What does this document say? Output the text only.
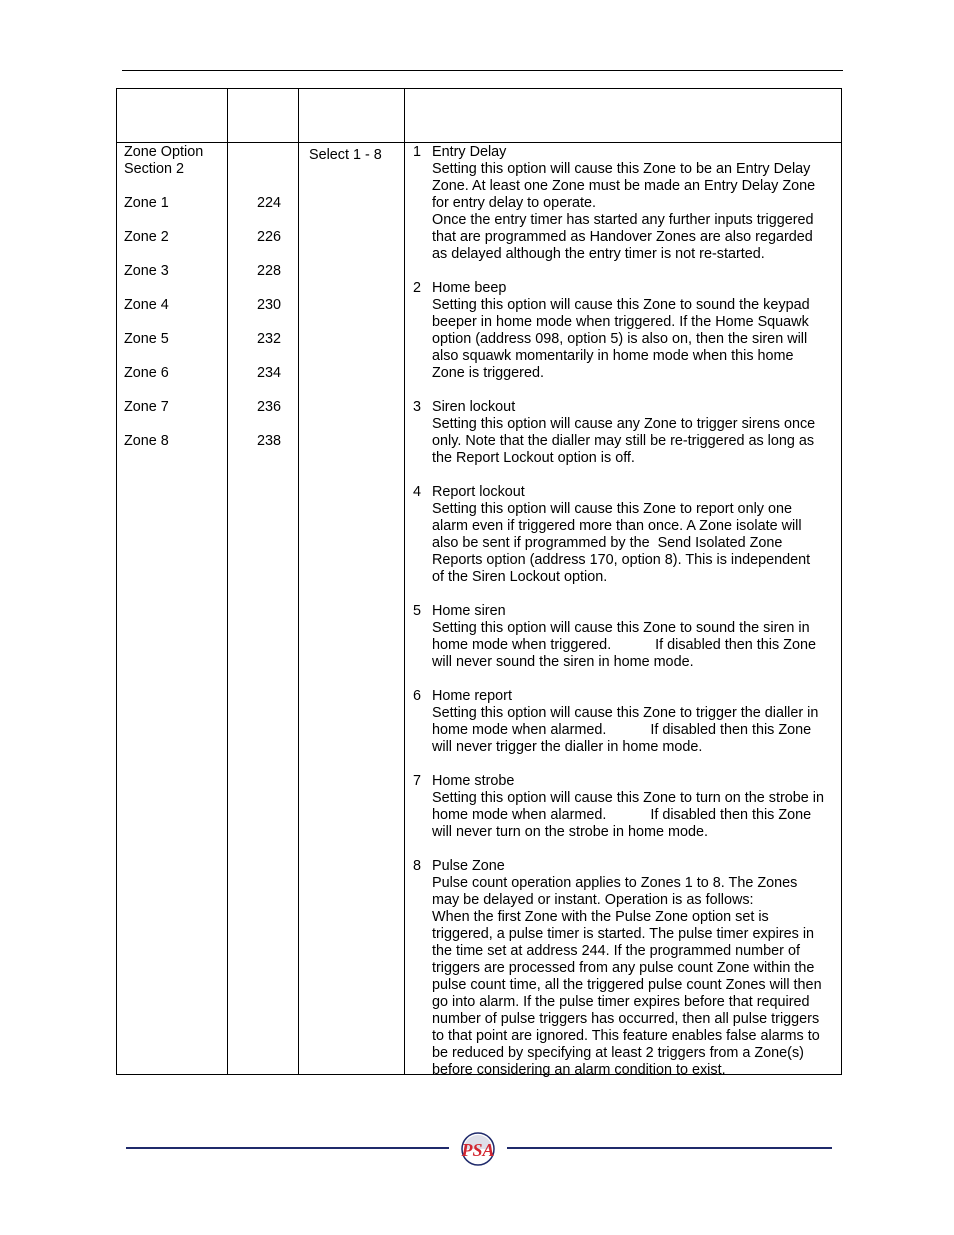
Zone Option
Section 2
Zone 1
Zone 2
Zone 3
Zone 4
Zone 5
Zone 6
Zone 7
Zone 8
224
226
228
230
232
234
236
238
Select 1 - 8	1 Entry Delay
Setting this option will cause this Zone to be an Entry Delay
Zone. At least one Zone must be made an Entry Delay Zone
for entry delay to operate.
Once the entry timer has started any further inputs triggered
that are programmed as Handover Zones are also regarded
as delayed although the entry timer is not re-started.
2 Home beep
Setting this option will cause this Zone to sound the keypad
beeper in home mode when triggered. If the Home Squawk
option (address 098, option 5) is also on, then the siren will
also squawk momentarily in home mode when this home
Zone is triggered.
3 Siren lockout
Setting this option will cause any Zone to trigger sirens once
only. Note that the dialler may still be re-triggered as long as
the Report Lockout option is off.
4 Report lockout
Setting this option will cause this Zone to report only one
alarm even if triggered more than once. A Zone isolate will
also be sent if programmed by the  Send Isolated Zone
Reports option (address 170, option 8). This is independent
of the Siren Lockout option.
5 Home siren
Setting this option will cause this Zone to sound the siren in
home mode when triggered.           If disabled then this Zone
will never sound the siren in home mode.
6 Home report
Setting this option will cause this Zone to trigger the dialler in
home mode when alarmed.           If disabled then this Zone
will never trigger the dialler in home mode.
7 Home strobe
Setting this option will cause this Zone to turn on the strobe in
home mode when alarmed.           If disabled then this Zone
will never turn on the strobe in home mode.
8 Pulse Zone
Pulse count operation applies to Zones 1 to 8. The Zones
may be delayed or instant. Operation is as follows:
When the first Zone with the Pulse Zone option set is
triggered, a pulse timer is started. The pulse timer expires in
the time set at address 244. If the programmed number of
triggers are processed from any pulse count Zone within the
pulse count time, all the triggered pulse count Zones will then
go into alarm. If the pulse timer expires before that required
number of pulse triggers has occurred, then all pulse triggers
to that point are ignored. This feature enables false alarms to
be reduced by specifying at least 2 triggers from a Zone(s)
before considering an alarm condition to exist.
PSA
